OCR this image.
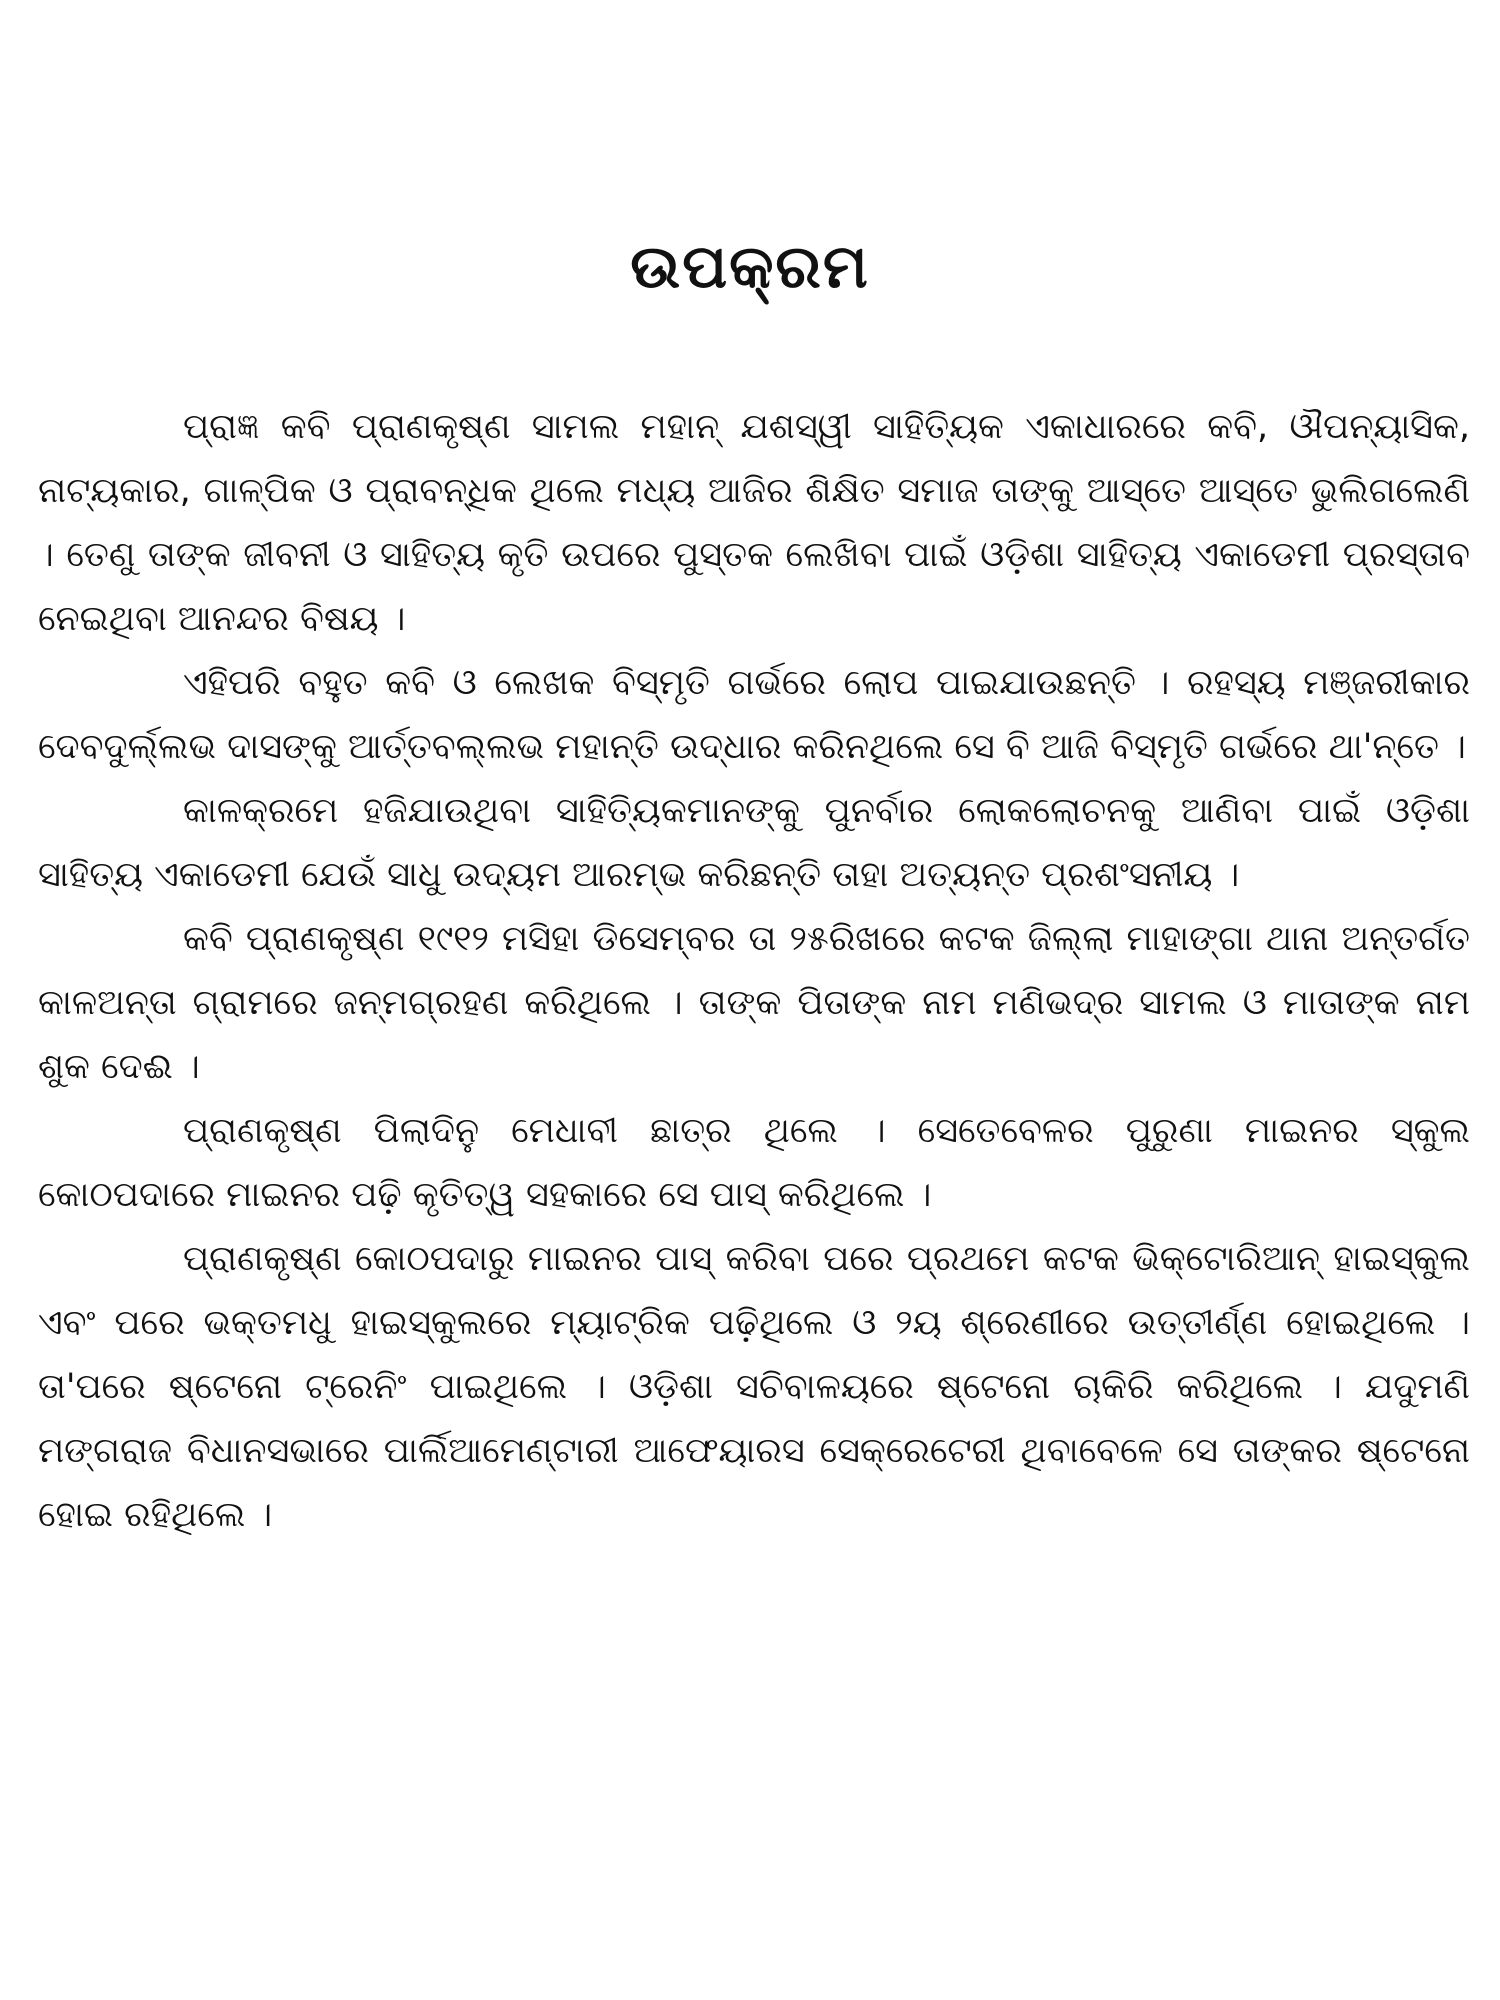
ଉପକ୍ରମ

ପ୍ରାଜ୍ଞ କବି ପ୍ରାଣକୃଷ୍ଣ ସାମଲ ମହାନ୍ ଯଶସ୍ୱୀ ସାହିତ୍ୟିକ ଏକାଧାରରେ କବି, ଔପନ୍ୟାସିକ, ନାଟ୍ୟକାର, ଗାଳ୍ପିକ ଓ ପ୍ରାବନ୍ଧିକ ଥିଲେ ମଧ୍ୟ ଆଜିର ଶିକ୍ଷିତ ସମାଜ ତାଙ୍କୁ ଆସ୍ତେ ଆସ୍ତେ ଭୁଲିଗଲେଣି । ତେଣୁ ତାଙ୍କ ଜୀବନୀ ଓ ସାହିତ୍ୟ କୃତି ଉପରେ ପୁସ୍ତକ ଲେଖିବା ପାଇଁ ଓଡ଼ିଶା ସାହିତ୍ୟ ଏକାଡେମୀ ପ୍ରସ୍ତାବ ନେଇଥିବା ଆନନ୍ଦର ବିଷୟ ।

ଏହିପରି ବହୁତ କବି ଓ ଲେଖକ ବିସ୍ମୃତି ଗର୍ଭରେ ଲୋପ ପାଇଯାଉଛନ୍ତି । ରହସ୍ୟ ମଞ୍ଜରୀକାର ଦେବଦୁର୍ଲ୍ଲଭ ଦାସଙ୍କୁ ଆର୍ତ୍ତବଲ୍ଲଭ ମହାନ୍ତି ଉଦ୍ଧାର କରିନଥିଲେ ସେ ବି ଆଜି ବିସ୍ମୃତି ଗର୍ଭରେ ଥା'ନ୍ତେ ।

କାଳକ୍ରମେ ହଜିଯାଉଥିବା ସାହିତ୍ୟିକମାନଙ୍କୁ ପୁନର୍ବାର ଲୋକଲୋଚନକୁ ଆଣିବା ପାଇଁ ଓଡ଼ିଶା ସାହିତ୍ୟ ଏକାଡେମୀ ଯେଉଁ ସାଧୁ ଉଦ୍ୟମ ଆରମ୍ଭ କରିଛନ୍ତି ତାହା ଅତ୍ୟନ୍ତ ପ୍ରଶଂସନୀୟ ।

କବି ପ୍ରାଣକୃଷ୍ଣ ୧୯୧୨ ମସିହା ଡିସେମ୍ବର ତା ୨୫ରିଖରେ କଟକ ଜିଲ୍ଲା ମାହାଙ୍ଗା ଥାନା ଅନ୍ତର୍ଗତ କାଳଅନ୍ତା ଗ୍ରାମରେ ଜନ୍ମଗ୍ରହଣ କରିଥିଲେ । ତାଙ୍କ ପିତାଙ୍କ ନାମ ମଣିଭଦ୍ର ସାମଲ ଓ ମାତାଙ୍କ ନାମ ଶୁକ ଦେଈ ।

ପ୍ରାଣକୃଷ୍ଣ ପିଲାଦିନୁ ମେଧାବୀ ଛାତ୍ର ଥିଲେ । ସେତେବେଳର ପୁରୁଣା ମାଇନର ସ୍କୁଲ କୋଠପଦାରେ ମାଇନର ପଢ଼ି କୃତିତ୍ୱ ସହକାରେ ସେ ପାସ୍ କରିଥିଲେ ।

ପ୍ରାଣକୃଷ୍ଣ କୋଠପଦାରୁ ମାଇନର ପାସ୍ କରିବା ପରେ ପ୍ରଥମେ କଟକ ଭିକ୍ଟୋରିଆନ୍ ହାଇସ୍କୁଲ ଏବଂ ପରେ ଭକ୍ତମଧୁ ହାଇସ୍କୁଲରେ ମ୍ୟାଟ୍ରିକ ପଢ଼ିଥିଲେ ଓ ୨ୟ ଶ୍ରେଣୀରେ ଉତ୍ତୀର୍ଣ୍ଣ ହୋଇଥିଲେ । ତା'ପରେ ଷ୍ଟେନୋ ଟ୍ରେନିଂ ପାଇଥିଲେ । ଓଡ଼ିଶା ସଚିବାଳୟରେ ଷ୍ଟେନୋ ଚାକିରି କରିଥିଲେ । ଯଦୁମଣି ମଙ୍ଗରାଜ ବିଧାନସଭାରେ ପାର୍ଲିଆମେଣ୍ଟାରୀ ଆଫେୟାରସ ସେକ୍ରେଟେରୀ ଥିବାବେଳେ ସେ ତାଙ୍କର ଷ୍ଟେନୋ ହୋଇ ରହିଥିଲେ ।
